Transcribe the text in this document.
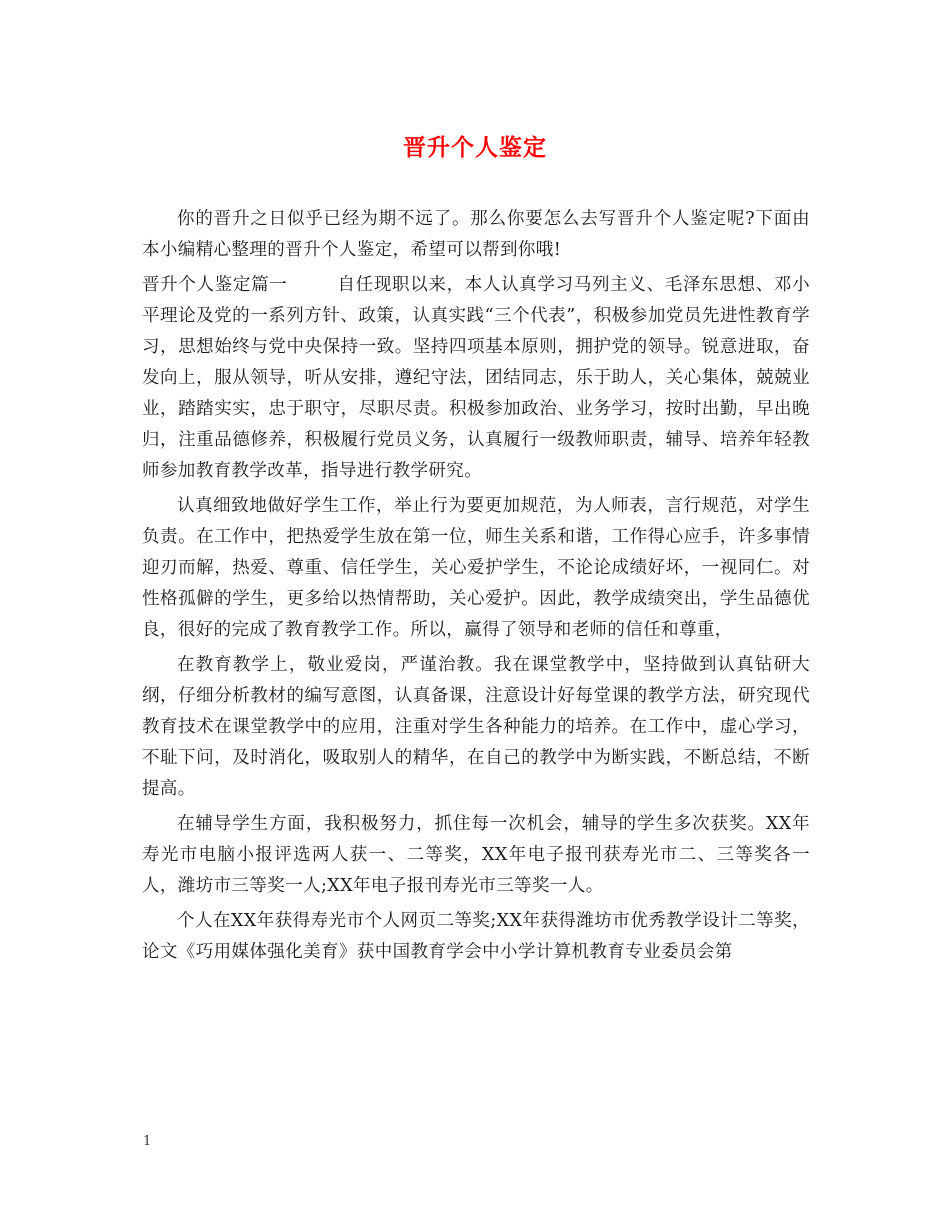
晋升个人鉴定

你的晋升之日似乎已经为期不远了。那么你要怎么去写晋升个人鉴定呢?下面由本小编精心整理的晋升个人鉴定，希望可以帮到你哦!

晋升个人鉴定篇一        自任现职以来，本人认真学习马列主义、毛泽东思想、邓小平理论及党的一系列方针、政策，认真实践“三个代表”，积极参加党员先进性教育学习，思想始终与党中央保持一致。坚持四项基本原则，拥护党的领导。锐意进取，奋发向上，服从领导，听从安排，遵纪守法，团结同志，乐于助人，关心集体，兢兢业业，踏踏实实，忠于职守，尽职尽责。积极参加政治、业务学习，按时出勤，早出晚归，注重品德修养，积极履行党员义务，认真履行一级教师职责，辅导、培养年轻教师参加教育教学改革，指导进行教学研究。

认真细致地做好学生工作，举止行为要更加规范，为人师表，言行规范，对学生负责。在工作中，把热爱学生放在第一位，师生关系和谐，工作得心应手，许多事情迎刃而解，热爱、尊重、信任学生，关心爱护学生，不论论成绩好坏，一视同仁。对性格孤僻的学生，更多给以热情帮助，关心爱护。因此，教学成绩突出，学生品德优良，很好的完成了教育教学工作。所以，赢得了领导和老师的信任和尊重，

在教育教学上，敬业爱岗，严谨治教。我在课堂教学中，坚持做到认真钻研大纲，仔细分析教材的编写意图，认真备课，注意设计好每堂课的教学方法，研究现代教育技术在课堂教学中的应用，注重对学生各种能力的培养。在工作中，虚心学习，不耻下问，及时消化，吸取别人的精华，在自己的教学中为断实践，不断总结，不断提高。

在辅导学生方面，我积极努力，抓住每一次机会，辅导的学生多次获奖。XX年寿光市电脑小报评选两人获一、二等奖，XX年电子报刊获寿光市二、三等奖各一人，潍坊市三等奖一人;XX年电子报刊寿光市三等奖一人。

个人在XX年获得寿光市个人网页二等奖;XX年获得潍坊市优秀教学设计二等奖，论文《巧用媒体强化美育》获中国教育学会中小学计算机教育专业委员会第

1
